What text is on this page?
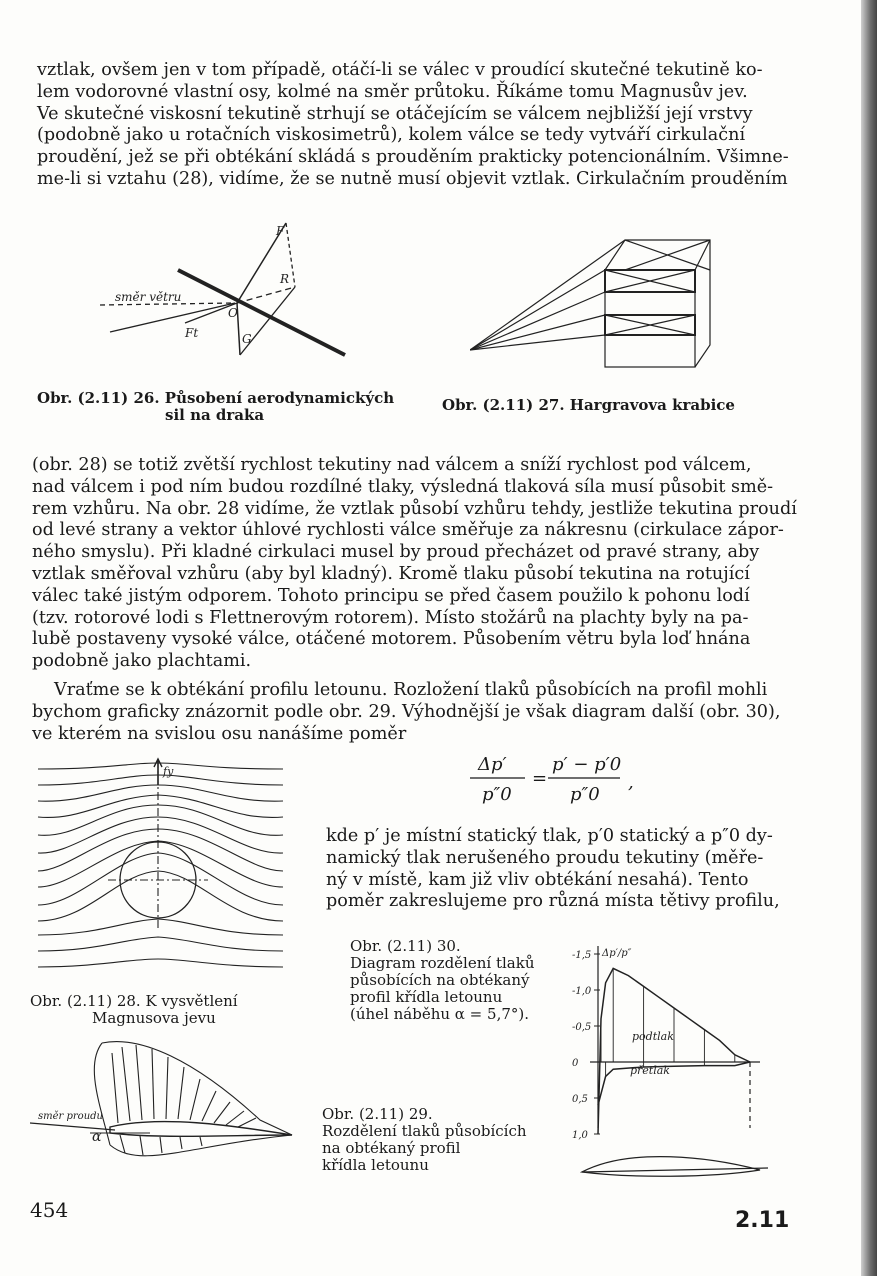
vztlak, ovšem jen v tom případě, otáčí-li se válec v proudící skutečné tekutině ko-
lem vodorovné vlastní osy, kolmé na směr průtoku. Říkáme tomu Magnusův jev.
Ve skutečné viskosní tekutině strhují se otáčejícím se válcem nejbližší její vrstvy
(podobně jako u rotačních viskosimetrů), kolem válce se tedy vytváří cirkulační
proudění, jež se při obtékání skládá s prouděním prakticky potencionálním. Všimne-
me-li si vztahu (28), vidíme, že se nutně musí objevit vztlak. Cirkulačním prouděním
směr větru
F
R
O
Ft	G
Obr. (2.11) 26. Působení aerodynamických
sil na draka
Obr. (2.11) 27. Hargravova krabice
(obr. 28) se totiž zvětší rychlost tekutiny nad válcem a sníží rychlost pod válcem,
nad válcem i pod ním budou rozdílné tlaky, výsledná tlaková síla musí působit smě-
rem vzhůru. Na obr. 28 vidíme, že vztlak působí vzhůru tehdy, jestliže tekutina proudí
od levé strany a vektor úhlové rychlosti válce směřuje za nákresnu (cirkulace zápor-
ného smyslu). Při kladné cirkulaci musel by proud přecházet od pravé strany, aby
vztlak směřoval vzhůru (aby byl kladný). Kromě tlaku působí tekutina na rotující
válec také jistým odporem. Tohoto principu se před časem použilo k pohonu lodí
(tzv. rotorové lodi s Flettnerovým rotorem). Místo stožárů na plachty byly na pa-
lubě postaveny vysoké válce, otáčené motorem. Působením větru byla loď hnána
podobně jako plachtami.
Vraťme se k obtékání profilu letounu. Rozložení tlaků působících na profil mohli
bychom graficky znázornit podle obr. 29. Výhodnější je však diagram další (obr. 30),
ve kterém na svislou osu nanášíme poměr
Δp′
p″0
=
p′ − p′0
p″0
,
kde p′ je místní statický tlak, p′0 statický a p″0 dy-
namický tlak nerušeného proudu tekutiny (měře-
ný v místě, kam již vliv obtékání nesahá). Tento
poměr zakreslujeme pro různá místa tětivy profilu,
fy
Obr. (2.11) 28. K vysvětlení
Magnusova jevu
Obr. (2.11) 30.
Diagram rozdělení tlaků
působících na obtékaný
profil křídla letounu
(úhel náběhu α = 5,7°).
-1,5
-1,0
-0,5
0
0,5
1,0
Δp′/p″
podtlak
přetlak
směr proudu
α
Obr. (2.11) 29.
Rozdělení tlaků působících
na obtékaný profil
křídla letounu
454	2.11
